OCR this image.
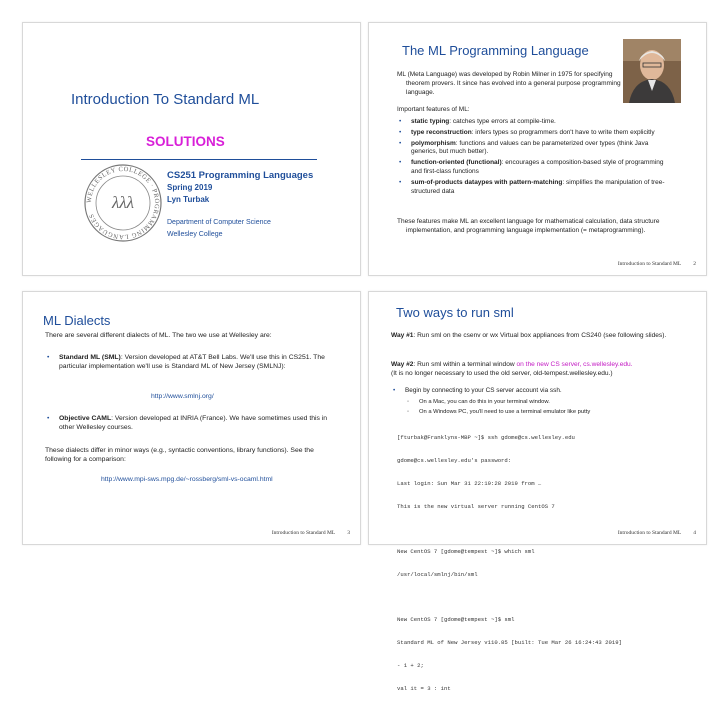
Introduction To Standard ML
SOLUTIONS
WELLESLEY COLLEGE · PROGRAMMING LANGUAGES
λλλ
CS251 Programming Languages
Spring 2019
Lyn Turbak
Department of Computer Science
Wellesley College
The ML Programming Language
ML (Meta Language) was developed by Robin Milner in 1975 for specifying theorem provers. It since has evolved into a general purpose programming language.
Important features of ML:
• static typing: catches type errors at compile-time.
• type reconstruction: infers types so programmers don't have to write them explicitly
• polymorphism: functions and values can be parameterized over types (think Java generics, but much better).
• function-oriented (functional): encourages a composition-based style of programming and first-class functions
• sum-of-products dataypes with pattern-matching: simplifies the manipulation of tree-structured data
These features make ML an excellent language for mathematical calculation, data structure implementation, and programming language implementation (= metaprogramming).
Introduction to Standard ML 2
ML Dialects
There are several different dialects of ML. The two we use at Wellesley are:
• Standard ML (SML): Version developed at AT&T Bell Labs. We'll use this in CS251. The particular implementation we'll use is Standard ML of New Jersey (SMLNJ):
http://www.smlnj.org/
• Objective CAML: Version developed at INRIA (France). We have sometimes used this in other Wellesley courses.
These dialects differ in minor ways (e.g., syntactic conventions, library functions). See the following for a comparison:
http://www.mpi-sws.mpg.de/~rossberg/sml-vs-ocaml.html
Introduction to Standard ML 3
Two ways to run sml
Way #1: Run sml on the csenv or wx Virtual box appliances from CS240 (see following slides).
Way #2: Run sml within a terminal window on the new CS server, cs.wellesley.edu.
(It is no longer necessary to used the old server, old-tempest.wellesley.edu.)
• Begin by connecting to your CS server account via ssh.
◦ On a Mac, you can do this in your terminal window.
◦ On a Windows PC, you'll need to use a terminal emulator like putty

[fturbak@Franklyns-MBP ~]$ ssh gdome@cs.wellesley.edu

gdome@cs.wellesley.edu's password:

Last login: Sun Mar 31 22:19:28 2019 from …

This is the new virtual server running CentOS 7

New CentOS 7 [gdome@tempest ~]$ which sml

/usr/local/smlnj/bin/sml

New CentOS 7 [gdome@tempest ~]$ sml

Standard ML of New Jersey v110.85 [built: Tue Mar 26 16:24:43 2019]

- 1 + 2;

val it = 3 : int

Introduction to Standard ML 4
